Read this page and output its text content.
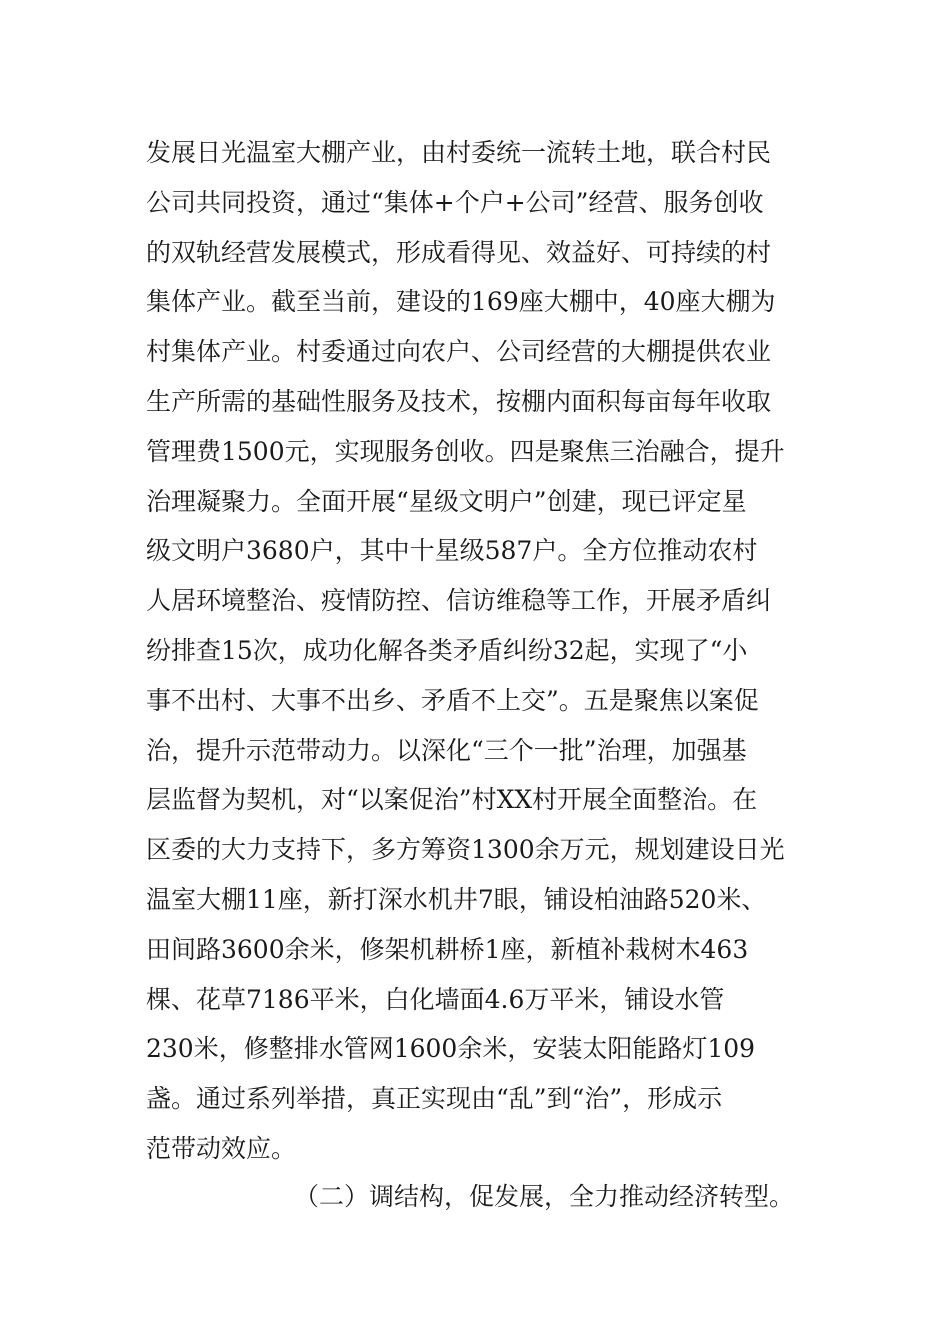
发展日光温室大棚产业，由村委统一流转土地，联合村民
公司共同投资，通过“集体+个户+公司”经营、服务创收
的双轨经营发展模式，形成看得见、效益好、可持续的村
集体产业。截至当前，建设的169座大棚中，40座大棚为
村集体产业。村委通过向农户、公司经营的大棚提供农业
生产所需的基础性服务及技术，按棚内面积每亩每年收取
管理费1500元，实现服务创收。四是聚焦三治融合，提升
治理凝聚力。全面开展“星级文明户”创建，现已评定星
级文明户3680户，其中十星级587户。全方位推动农村
人居环境整治、疫情防控、信访维稳等工作，开展矛盾纠
纷排查15次，成功化解各类矛盾纠纷32起，实现了“小
事不出村、大事不出乡、矛盾不上交”。五是聚焦以案促
治，提升示范带动力。以深化“三个一批”治理，加强基
层监督为契机，对“以案促治”村XX村开展全面整治。在
区委的大力支持下，多方筹资1300余万元，规划建设日光
温室大棚11座，新打深水机井7眼，铺设柏油路520米、
田间路3600余米，修架机耕桥1座，新植补栽树木463
棵、花草7186平米，白化墙面4.6万平米，铺设水管
230米，修整排水管网1600余米，安装太阳能路灯109
盏。通过系列举措，真正实现由“乱”到“治”，形成示
范带动效应。

（二）调结构，促发展，全力推动经济转型。
